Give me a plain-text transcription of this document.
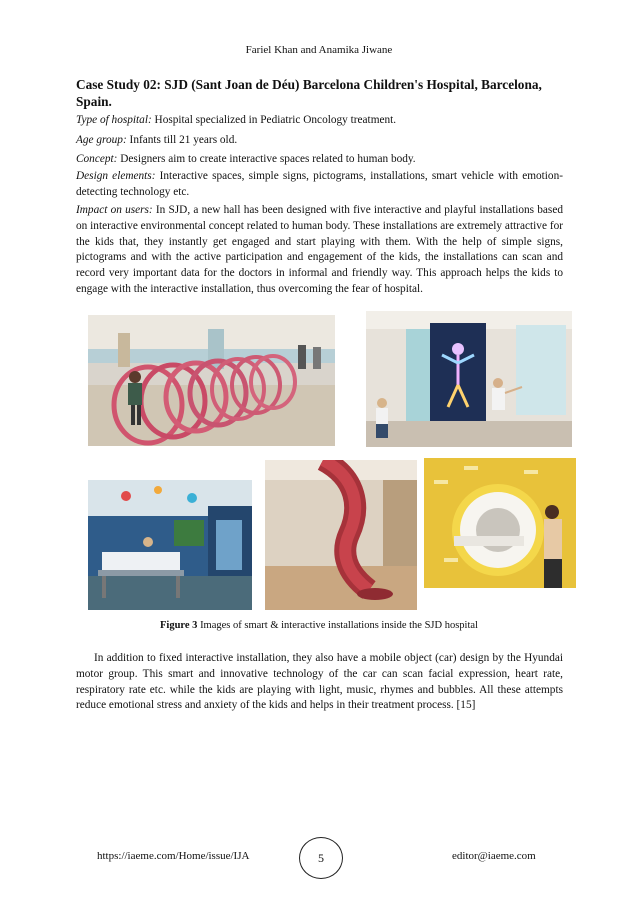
Fariel Khan and Anamika Jiwane
Case Study 02: SJD (Sant Joan de Déu) Barcelona Children's Hospital, Barcelona, Spain.

Type of hospital: Hospital specialized in Pediatric Oncology treatment.

Age group: Infants till 21 years old.

Concept: Designers aim to create interactive spaces related to human body.

Design elements: Interactive spaces, simple signs, pictograms, installations, smart vehicle with emotion-detecting technology etc.

Impact on users: In SJD, a new hall has been designed with five interactive and playful installations based on interactive environmental concept related to human body. These installations are extremely attractive for the kids that, they instantly get engaged and start playing with them. With the help of simple signs, pictograms and with the active participation and engagement of the kids, the installations can scan and record very important data for the doctors in informal and friendly way. This approach helps the kids to engage with the interactive installation, thus overcoming the fear of hospital.

Figure 3 Images of smart & interactive installations inside the SJD hospital

In addition to fixed interactive installation, they also have a mobile object (car) design by the Hyundai motor group. This smart and innovative technology of the car can scan facial expression, heart rate, respiratory rate etc. while the kids are playing with light, music, rhymes and bubbles. All these attempts reduce emotional stress and anxiety of the kids and helps in their treatment process. [15]

https://iaeme.com/Home/issue/IJA	5	editor@iaeme.com
